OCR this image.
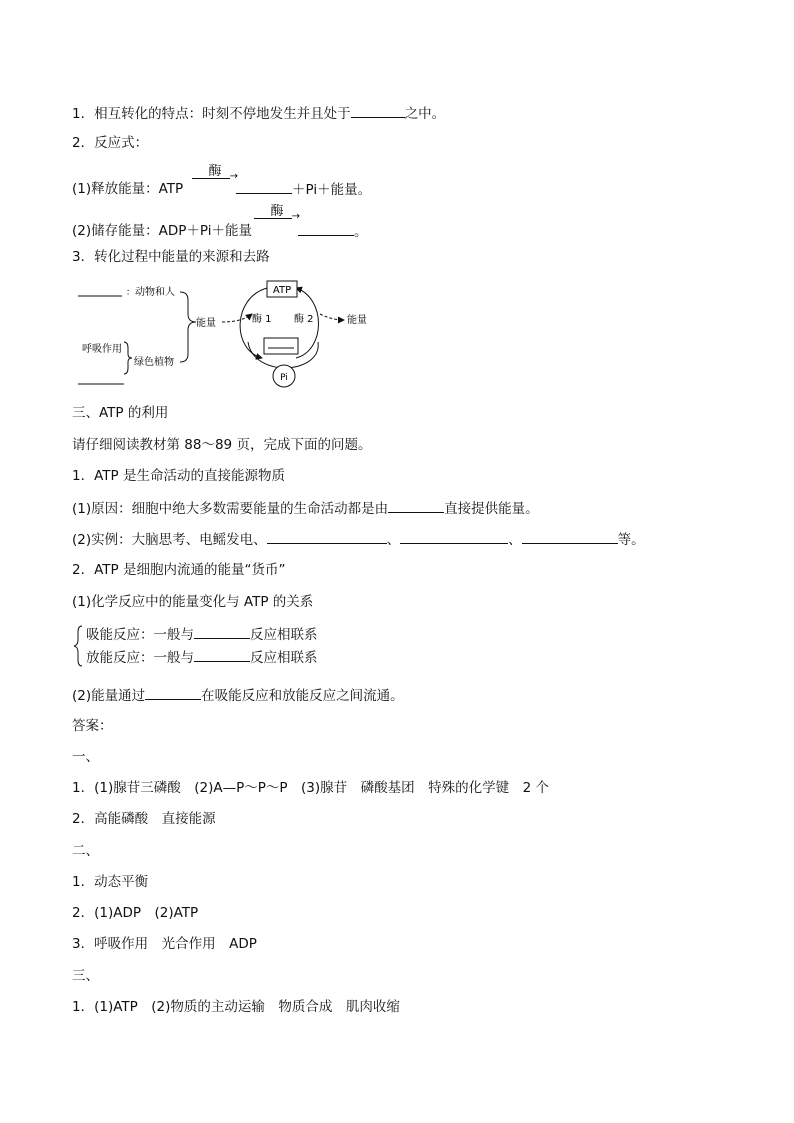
1．相互转化的特点：时刻不停地发生并且处于	之中。
2．反应式：
(1)释放能量：ATP
酶 →
＋Pi＋能量。
(2)储存能量：ADP＋Pi＋能量
酶 →
。
3．转化过程中能量的来源和去路
： 动物和人
呼吸作用
绿色植物
能量
ATP
酶 1 酶 2
Pi
能量
三、ATP 的利用
请仔细阅读教材第 88～89 页，完成下面的问题。
1．ATP 是生命活动的直接能源物质
(1)原因：细胞中绝大多数需要能量的生命活动都是由	直接提供能量。
(2)实例：大脑思考、电鳐发电、	、	、	等。
2．ATP 是细胞内流通的能量“货币”
(1)化学反应中的能量变化与 ATP 的关系
吸能反应：一般与	反应相联系
放能反应：一般与	反应相联系
(2)能量通过	在吸能反应和放能反应之间流通。
答案：
一、
1．(1)腺苷三磷酸　(2)A—P～P～P　(3)腺苷　磷酸基团　特殊的化学键　2 个
2．高能磷酸　直接能源
二、
1．动态平衡
2．(1)ADP　(2)ATP
3．呼吸作用　光合作用　ADP
三、
1．(1)ATP　(2)物质的主动运输　物质合成　肌肉收缩
